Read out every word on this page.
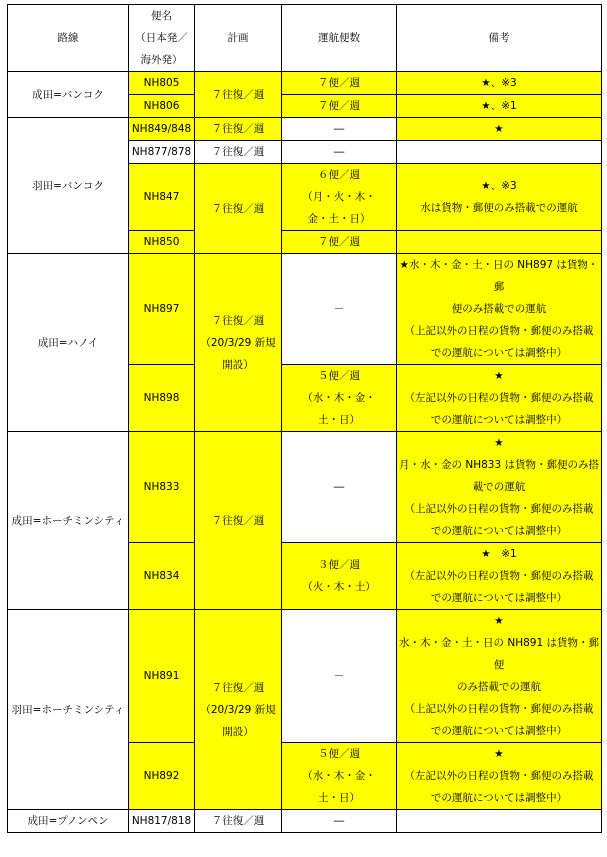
路線	便名
（日本発／
海外発）	計画	運航便数	備考
成田=バンコク	NH805	７往復／週	７便／週	★、※3
	NH806		７便／週	★、※1
羽田=バンコク	NH849/848	７往復／週	―	★
	NH877/878	７往復／週	―	
	NH847	７往復／週	６便／週
（月・火・木・
金・土・日）	★、※3
水は貨物・郵便のみ搭載での運航

	NH850		７便／週	
成田=ハノイ	NH897	７往復／週
（20/3/29 新規
開設）	－	★水・木・金・土・日の NH897 は貨物・郵
便のみ搭載での運航
（上記以外の日程の貨物・郵便のみ搭載
での運航については調整中）

	NH898		５便／週
（水・木・金・
土・日）	★
（左記以外の日程の貨物・郵便のみ搭載
での運航については調整中）

成田=ホーチミンシティ	NH833	７往復／週	―	★
月・水・金の NH833 は貨物・郵便のみ搭
載での運航
（上記以外の日程の貨物・郵便のみ搭載
での運航については調整中）

	NH834		３便／週
（火・木・土）	★　※1
（左記以外の日程の貨物・郵便のみ搭載
での運航については調整中）

羽田=ホーチミンシティ	NH891	７往復／週
（20/3/29 新規
開設）	－	★
水・木・金・土・日の NH891 は貨物・郵便
のみ搭載での運航
（上記以外の日程の貨物・郵便のみ搭載
での運航については調整中）

	NH892		５便／週
（水・木・金・
土・日）	★
（左記以外の日程の貨物・郵便のみ搭載
での運航については調整中）

成田=プノンペン	NH817/818	７往復／週	―	
